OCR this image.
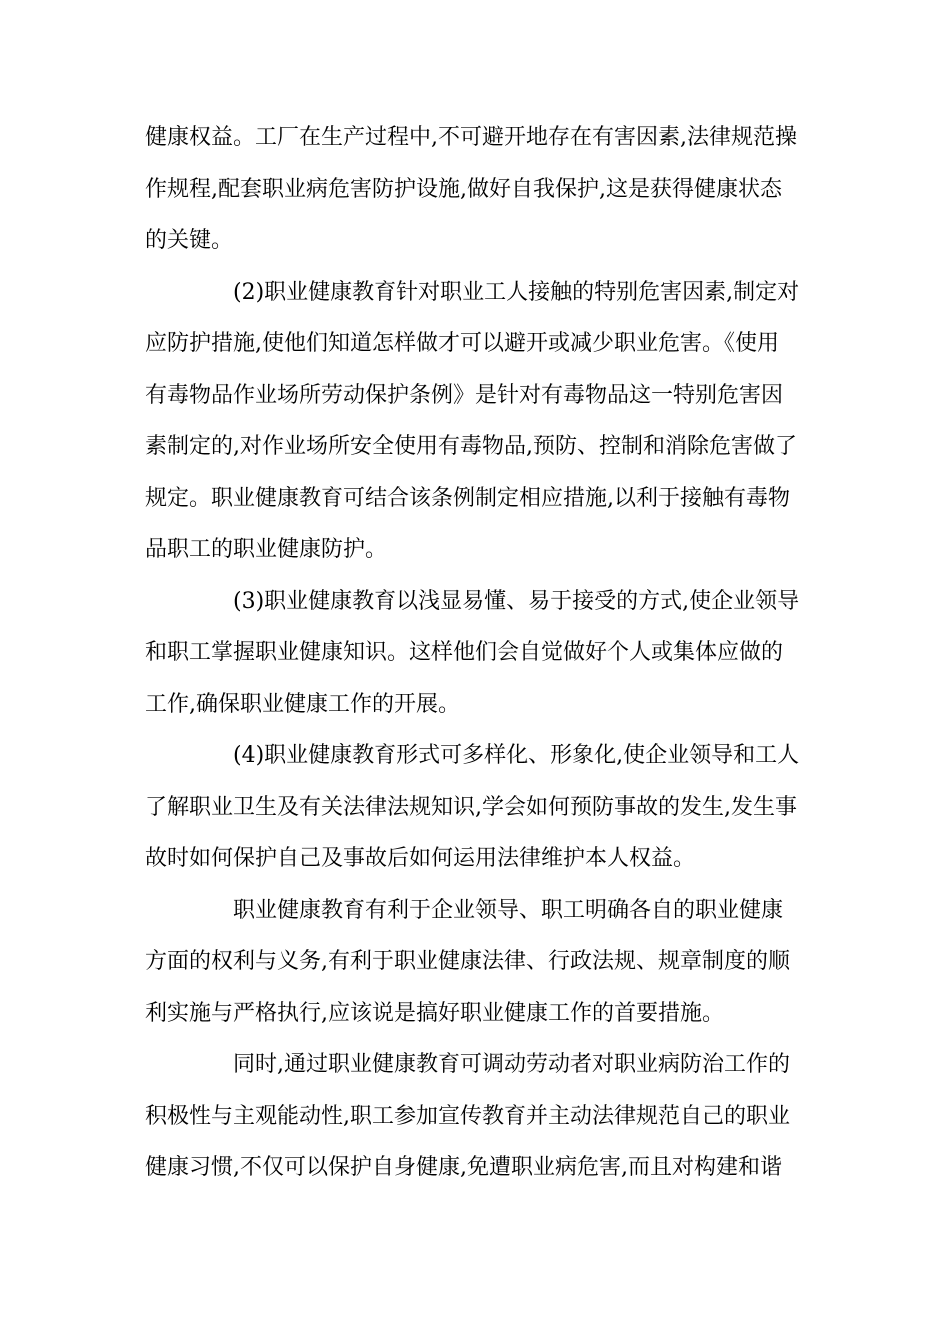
健康权益。工厂在生产过程中,不可避开地存在有害因素,法律规范操
作规程,配套职业病危害防护设施,做好自我保护,这是获得健康状态
的关键。

(2)职业健康教育针对职业工人接触的特别危害因素,制定对
应防护措施,使他们知道怎样做才可以避开或减少职业危害。《使用
有毒物品作业场所劳动保护条例》是针对有毒物品这一特别危害因
素制定的,对作业场所安全使用有毒物品,预防、控制和消除危害做了
规定。职业健康教育可结合该条例制定相应措施,以利于接触有毒物
品职工的职业健康防护。

(3)职业健康教育以浅显易懂、易于接受的方式,使企业领导
和职工掌握职业健康知识。这样他们会自觉做好个人或集体应做的
工作,确保职业健康工作的开展。

(4)职业健康教育形式可多样化、形象化,使企业领导和工人
了解职业卫生及有关法律法规知识,学会如何预防事故的发生,发生事
故时如何保护自己及事故后如何运用法律维护本人权益。

职业健康教育有利于企业领导、职工明确各自的职业健康
方面的权利与义务,有利于职业健康法律、行政法规、规章制度的顺
利实施与严格执行,应该说是搞好职业健康工作的首要措施。

同时,通过职业健康教育可调动劳动者对职业病防治工作的
积极性与主观能动性,职工参加宣传教育并主动法律规范自己的职业
健康习惯,不仅可以保护自身健康,免遭职业病危害,而且对构建和谐
